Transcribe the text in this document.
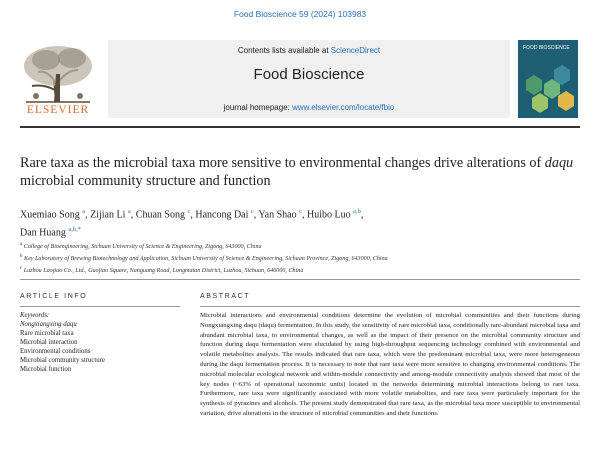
Food Bioscience 59 (2024) 103983
Contents lists available at ScienceDirect
Food Bioscience
journal homepage: www.elsevier.com/locate/fbio
ELSEVIER
FOOD BIOSCIENCE
Rare taxa as the microbial taxa more sensitive to environmental changes drive alterations of daqu microbial community structure and function
Xuemiao Song $^a$, Zijian Li $^a$, Chuan Song $^c$, Hancong Dai $^c$, Yan Shao $^c$, Huibo Luo $^{a,b}$,
Dan Huang $^{a,b,*}$
$^a$ College of Bioengineering, Sichuan University of Science & Engineering, Zigong, 643000, China
$^b$ Key Laboratory of Brewing Biotechnology and Application, Sichuan University of Science & Engineering, Sichuan Province, Zigong, 643000, China
$^c$ Luzhou Laojiao Co., Ltd., Guojiao Square, Nanguang Road, Longmatan District, Luzhou, Sichuan, 646000, China
ARTICLE INFO	ABSTRACT
Keywords:
Nongxiangxing daqu
Rare microbial taxa
Microbial interaction
Environmental conditions
Microbial community structure
Microbial function
Microbial interactions and environmental conditions determine the evolution of microbial communities and their functions during Nongxiangxing daqu (daqu) fermentation. In this study, the sensitivity of rare microbial taxa, conditionally rare-abundant microbial taxa and abundant microbial taxa, to environmental changes, as well as the impact of their presence on the microbial community structure and function during daqu fermentation were elucidated by using high-throughput sequencing technology combined with environmental and volatile metabolites analysis. The results indicated that rare taxa, which were the predominant microbial taxa, were more heterogeneous during the daqu fermentation process. It is necessary to note that rare taxa were more sensitive to changing environmental conditions. The microbial molecular ecological network and within-module connectivity and among-module connectivity analysis showed that most of the key nodes (~63% of operational taxonomic units) located in the networks determining microbial interactions belong to rare taxa. Furthermore, rare taxa were significantly associated with more volatile metabolites, and rare taxa were particularly important for the synthesis of pyrazines and alcohols. The present study demonstrated that rare taxa, as the microbial taxa more susceptible to environmental variation, drive alterations in the structure of microbial communities and their functions.
